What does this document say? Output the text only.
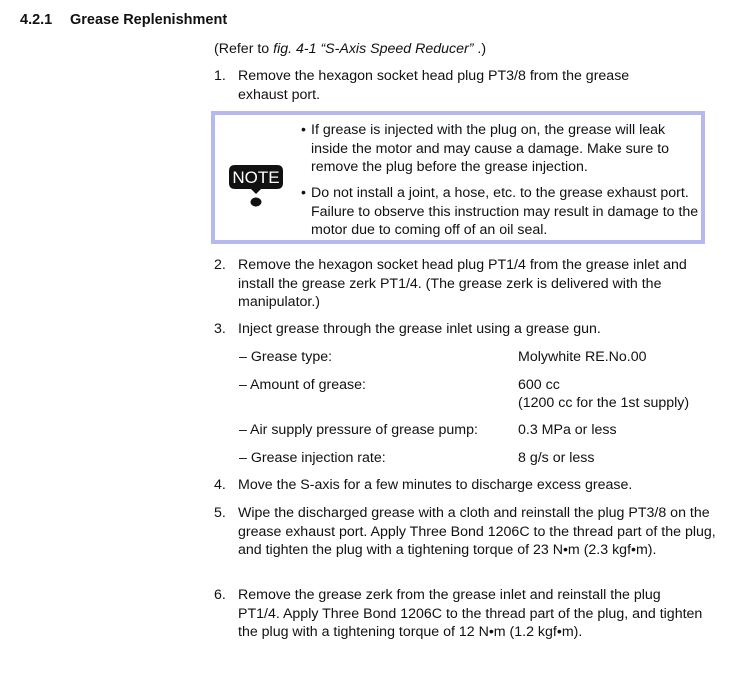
4.2.1 Grease Replenishment
(Refer to fig. 4-1 “S-Axis Speed Reducer” .)
1. Remove the hexagon socket head plug PT3/8 from the grease exhaust port.
NOTE
• If grease is injected with the plug on, the grease will leak inside the motor and may cause a damage. Make sure to remove the plug before the grease injection.
• Do not install a joint, a hose, etc. to the grease exhaust port. Failure to observe this instruction may result in damage to the motor due to coming off of an oil seal.
2. Remove the hexagon socket head plug PT1/4 from the grease inlet and install the grease zerk PT1/4. (The grease zerk is delivered with the manipulator.)
3. Inject grease through the grease inlet using a grease gun.
– Grease type:	Molywhite RE.No.00
– Amount of grease:	600 cc
(1200 cc for the 1st supply)
– Air supply pressure of grease pump:	0.3 MPa or less
– Grease injection rate:	8 g/s or less
4. Move the S-axis for a few minutes to discharge excess grease.
5. Wipe the discharged grease with a cloth and reinstall the plug PT3/8 on the grease exhaust port. Apply Three Bond 1206C to the thread part of the plug, and tighten the plug with a tightening torque of 23 N•m (2.3 kgf•m).
6. Remove the grease zerk from the grease inlet and reinstall the plug PT1/4. Apply Three Bond 1206C to the thread part of the plug, and tighten the plug with a tightening torque of 12 N•m (1.2 kgf•m).
